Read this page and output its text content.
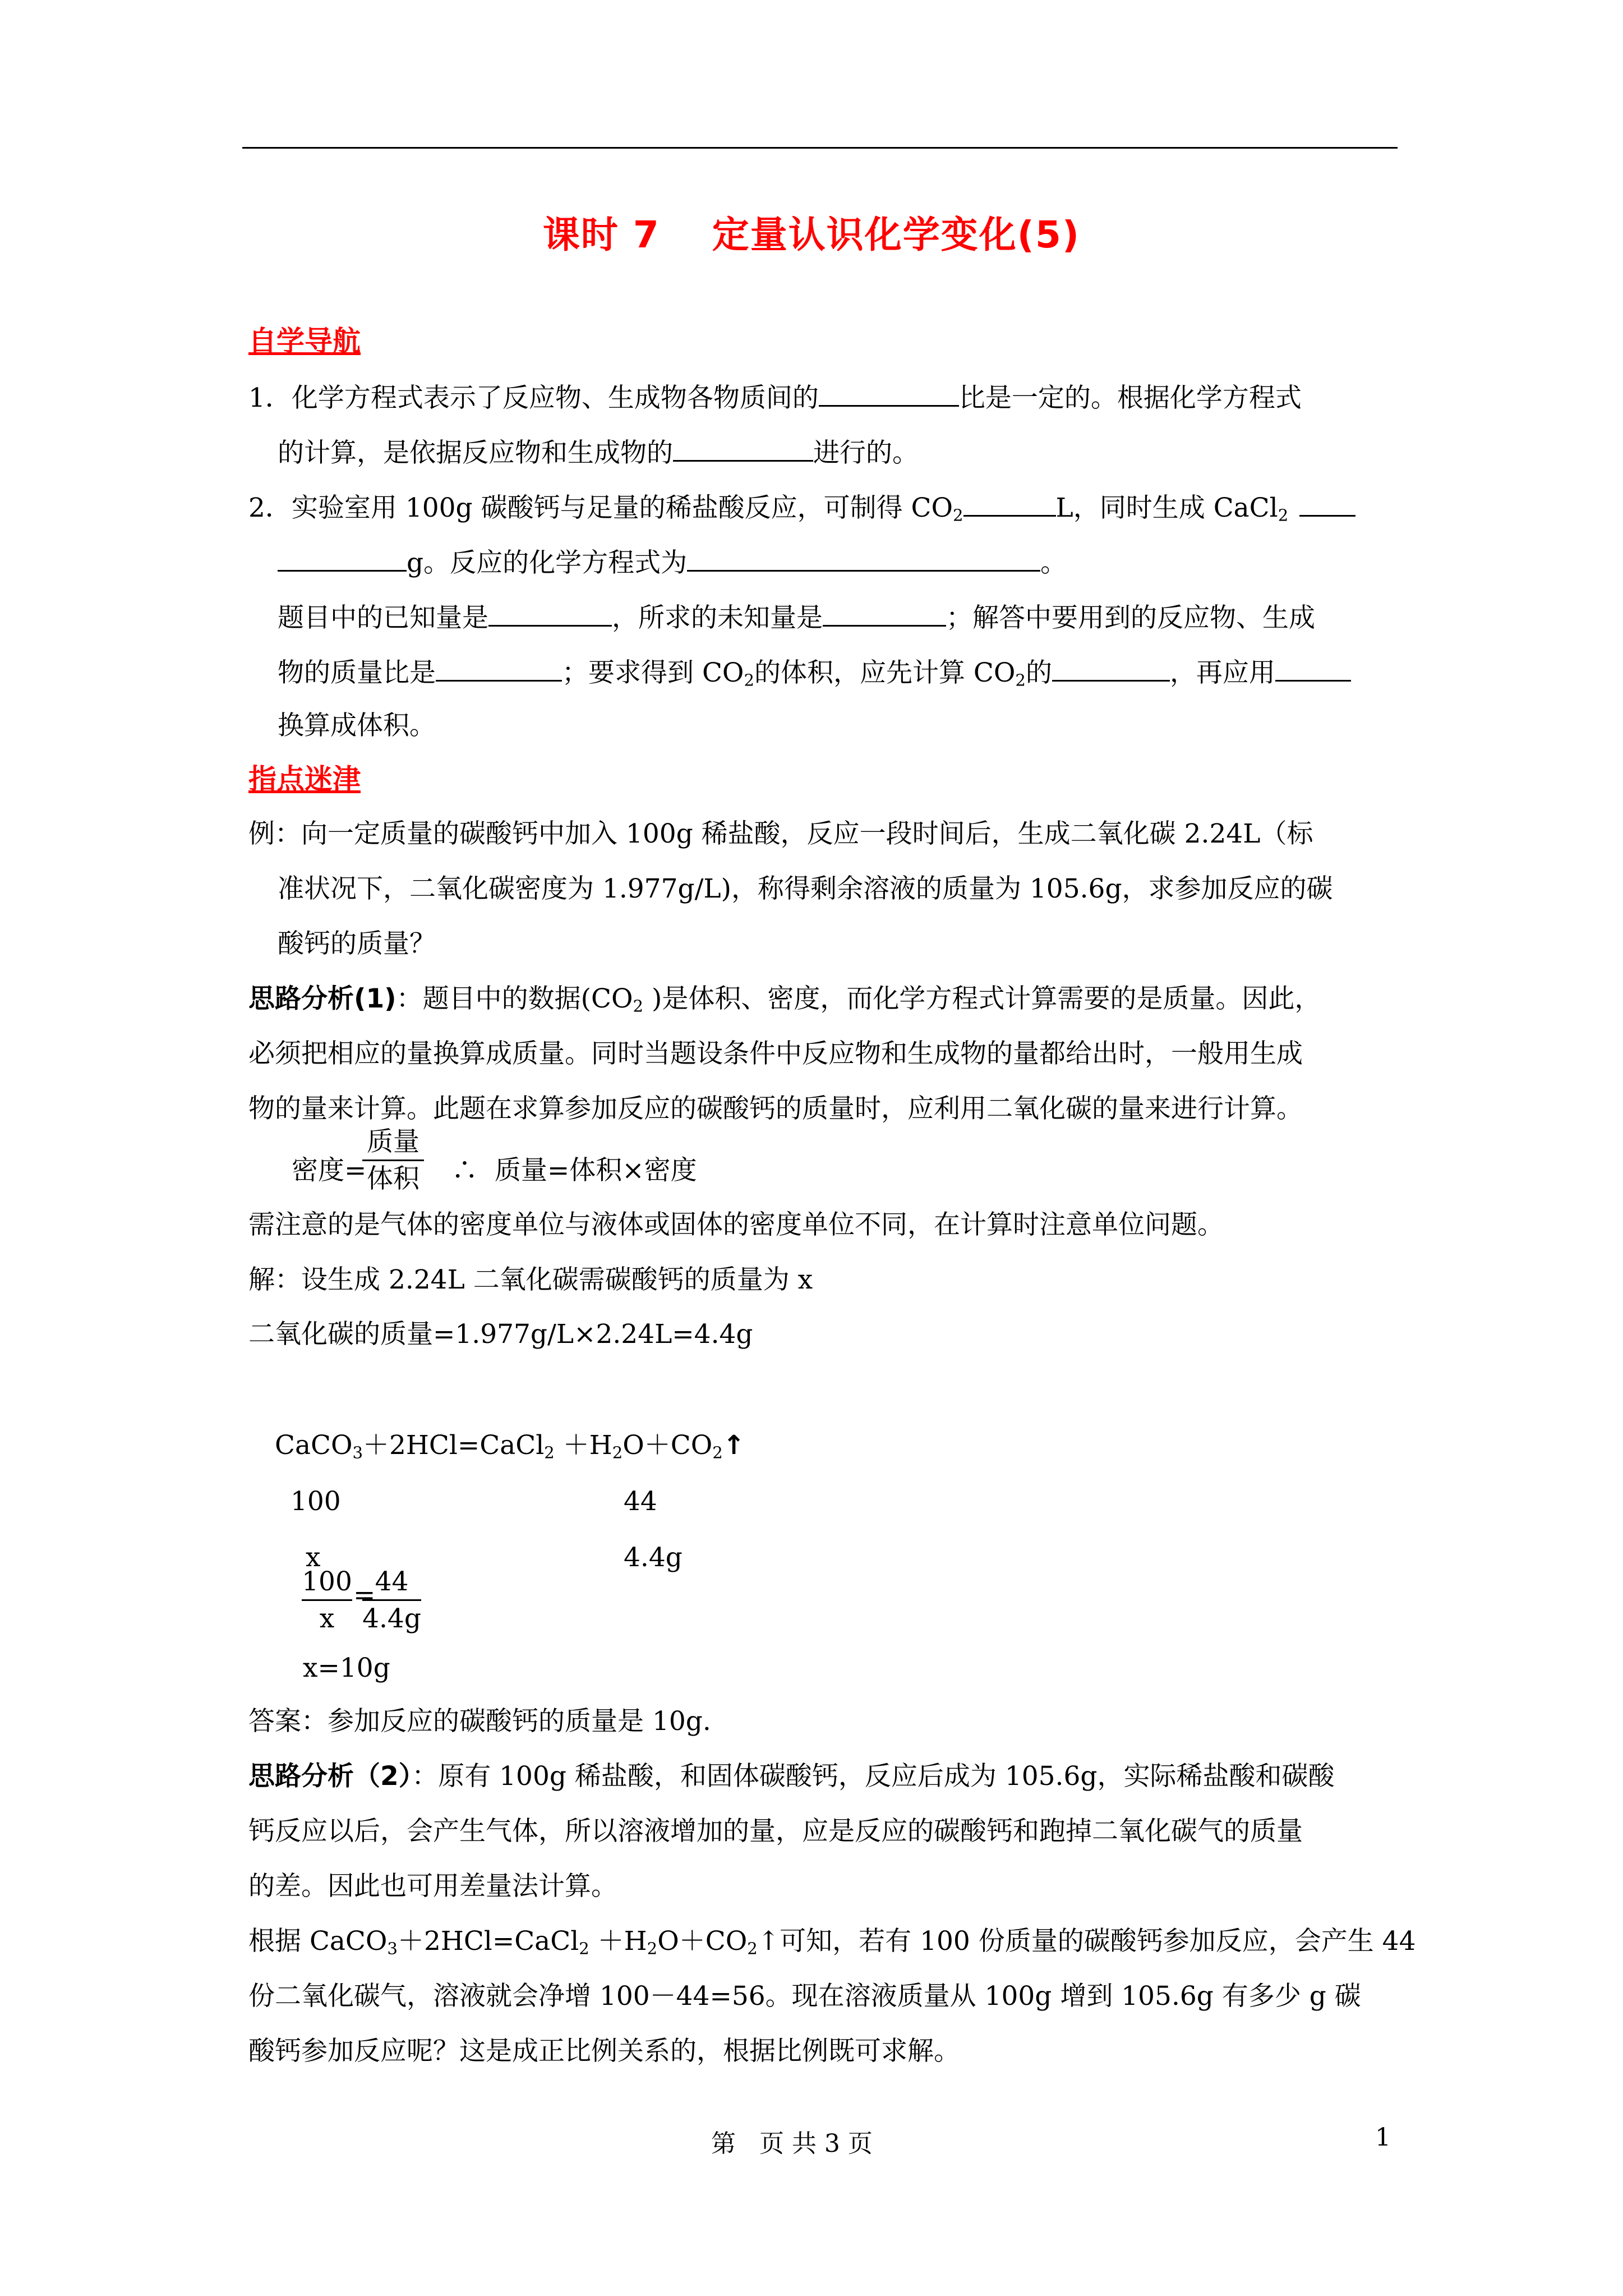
课时 7　 定量认识化学变化(5)
自学导航
1．化学方程式表示了反应物、生成物各物质间的	比是一定的。根据化学方程式
的计算，是依据反应物和生成物的	进行的。
2．实验室用 100g 碳酸钙与足量的稀盐酸反应，可制得 $CO_2$	L，同时生成 CaCl$_2$
g。反应的化学方程式为	。
题目中的已知量是	，所求的未知量是	；解答中要用到的反应物、生成
物的质量比是	；要求得到 $CO_2$的体积，应先计算 $CO_2$的	，再应用
换算成体积。
指点迷津
例：向一定质量的碳酸钙中加入 100g 稀盐酸，反应一段时间后，生成二氧化碳 2.24L（标
准状况下，二氧化碳密度为 1.977g/L)，称得剩余溶液的质量为 105.6g，求参加反应的碳
酸钙的质量？
思路分析(1)：题目中的数据($CO_2$ )是体积、密度，而化学方程式计算需要的是质量。因此，
必须把相应的量换算成质量。同时当题设条件中反应物和生成物的量都给出时，一般用生成
物的量来计算。此题在求算参加反应的碳酸钙的质量时，应利用二氧化碳的量来进行计算。
密度=
质量
体积 ∴  质量=体积×密度
需注意的是气体的密度单位与液体或固体的密度单位不同，在计算时注意单位问题。
解：设生成 2.24L 二氧化碳需碳酸钙的质量为 x
二氧化碳的质量=1.977g/L×2.24L=4.4g
CaCO$_3$＋2HCl=CaCl$_2$ $+H_2O+CO_2↑$
100	44
x	4.4g
$\frac{100}{x}$ =
$\frac{44}{4.4g}$
x=10g
答案：参加反应的碳酸钙的质量是 10g.
思路分析（2）：原有 100g 稀盐酸，和固体碳酸钙，反应后成为 105.6g，实际稀盐酸和碳酸
钙反应以后，会产生气体，所以溶液增加的量，应是反应的碳酸钙和跑掉二氧化碳气的质量
的差。因此也可用差量法计算。
根据 CaCO$_3$＋2HCl=CaCl$_2$ $+H_2O+CO_2↑$可知，若有 100 份质量的碳酸钙参加反应，会产生 44
份二氧化碳气，溶液就会净增 100－44=56。现在溶液质量从 100g 增到 105.6g 有多少 g 碳
酸钙参加反应呢？这是成正比例关系的，根据比例既可求解。
第   页 共 3 页	1
